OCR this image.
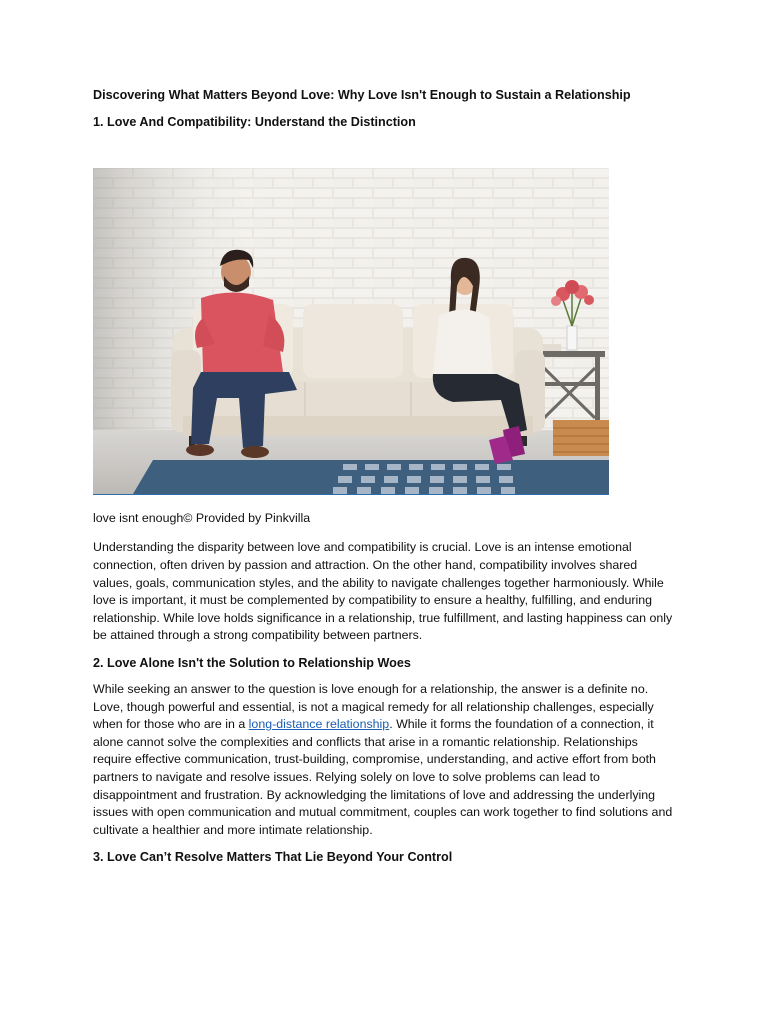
Discovering What Matters Beyond Love: Why Love Isn't Enough to Sustain a Relationship

1. Love And Compatibility: Understand the Distinction

love isnt enough© Provided by Pinkvilla

Understanding the disparity between love and compatibility is crucial. Love is an intense emotional connection, often driven by passion and attraction. On the other hand, compatibility involves shared values, goals, communication styles, and the ability to navigate challenges together harmoniously. While love is important, it must be complemented by compatibility to ensure a healthy, fulfilling, and enduring relationship. While love holds significance in a relationship, true fulfillment, and lasting happiness can only be attained through a strong compatibility between partners.

2. Love Alone Isn't the Solution to Relationship Woes

While seeking an answer to the question is love enough for a relationship, the answer is a definite no. Love, though powerful and essential, is not a magical remedy for all relationship challenges, especially when for those who are in a long-distance relationship. While it forms the foundation of a connection, it alone cannot solve the complexities and conflicts that arise in a romantic relationship. Relationships require effective communication, trust-building, compromise, understanding, and active effort from both partners to navigate and resolve issues. Relying solely on love to solve problems can lead to disappointment and frustration. By acknowledging the limitations of love and addressing the underlying issues with open communication and mutual commitment, couples can work together to find solutions and cultivate a healthier and more intimate relationship.

3. Love Can’t Resolve Matters That Lie Beyond Your Control
